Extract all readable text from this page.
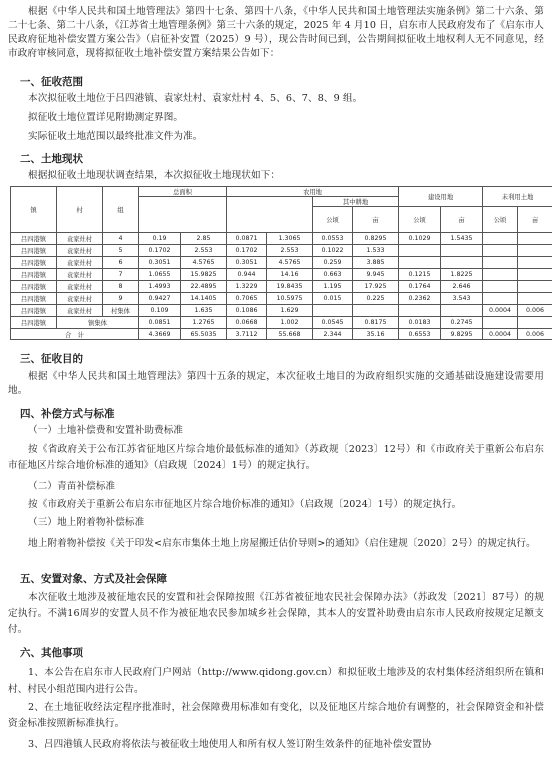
根据《中华人民共和国土地管理法》第四十七条、第四十八条，《中华人民共和国土地管理法实施条例》第二十六条、第二十七条、第二十八条，《江苏省土地管理条例》第三十六条的规定，2025 年 4 月10 日，启东市人民政府发布了《启东市人民政府征地补偿安置方案公告》（启征补安置（2025）9 号），现公告时间已到，公告期间拟征收土地权利人无不同意见，经市政府审核同意，现将拟征收土地补偿安置方案结果公告如下：
一、征收范围
本次拟征收土地位于吕四港镇、袁家灶村、袁家灶村 4、5、6、7、8、9 组。
拟征收土地位置详见附勘测定界图。
实际征收土地范围以最终批准文件为准。
二、土地现状
根据拟征收土地现状调查结果，本次拟征收土地现状如下：
镇	村	组	总面积		农用地				建设用地		未利用土地	
							其中耕地					
							公顷	亩	公顷	亩	公顷	亩
吕四港镇	袁家灶村	4	0.19	2.85	0.0871	1.3065	0.0553	0.8295	0.1029	1.5435		
吕四港镇	袁家灶村	5	0.1702	2.553	0.1702	2.553	0.1022	1.533				
吕四港镇	袁家灶村	6	0.3051	4.5765	0.3051	4.5765	0.259	3.885				
吕四港镇	袁家灶村	7	1.0655	15.9825	0.944	14.16	0.663	9.945	0.1215	1.8225		
吕四港镇	袁家灶村	8	1.4993	22.4895	1.3229	19.8435	1.195	17.925	0.1764	2.646		
吕四港镇	袁家灶村	9	0.9427	14.1405	0.7065	10.5975	0.015	0.225	0.2362	3.543		
吕四港镇	袁家灶村	村集体	0.109	1.635	0.1086	1.629					0.0004	0.006
吕四港镇	镇集体		0.0851	1.2765	0.0668	1.002	0.0545	0.8175	0.0183	0.2745		
合　计			4.3669	65.5035	3.7112	55.668	2.344	35.16	0.6553	9.8295	0.0004	0.006
三、征收目的
根据《中华人民共和国土地管理法》第四十五条的规定，本次征收土地目的为政府组织实施的交通基础设施建设需要用地。
四、补偿方式与标准
（一）土地补偿费和安置补助费标准
按《省政府关于公布江苏省征地区片综合地价最低标准的通知》（苏政规〔2023〕12号）和《市政府关于重新公布启东市征地区片综合地价标准的通知》（启政规〔2024〕1号）的规定执行。
（二）青苗补偿标准
按《市政府关于重新公布启东市征地区片综合地价标准的通知》（启政规〔2024〕1号）的规定执行。
（三）地上附着物补偿标准
地上附着物补偿按《关于印发<启东市集体土地上房屋搬迁估价导则>的通知》（启住建规〔2020〕2号）的规定执行。
五、安置对象、方式及社会保障
本次征收土地涉及被征地农民的安置和社会保障按照《江苏省被征地农民社会保障办法》（苏政发〔2021〕87号）的规定执行。不满16周岁的安置人员不作为被征地农民参加城乡社会保障，其本人的安置补助费由启东市人民政府按规定足额支付。
六、其他事项
1、本公告在启东市人民政府门户网站（http://www.qidong.gov.cn）和拟征收土地涉及的农村集体经济组织所在镇和村、村民小组范围内进行公告。
2、在土地征收经法定程序批准时，社会保障费用标准如有变化，以及征地区片综合地价有调整的，社会保障资金和补偿资金标准按照新标准执行。
3、吕四港镇人民政府将依法与被征收土地使用人和所有权人签订附生效条件的征地补偿安置协
